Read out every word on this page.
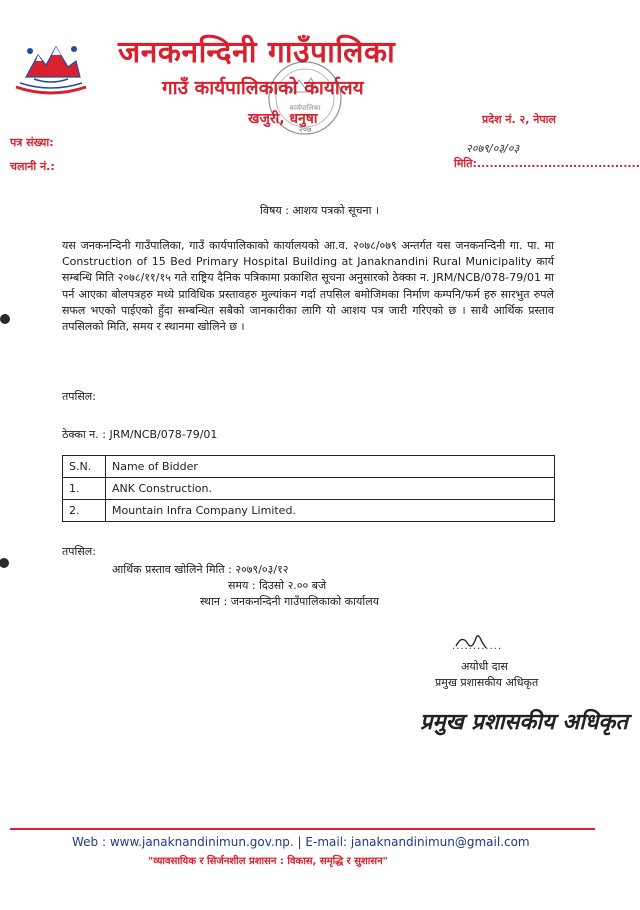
जनकनन्दिनी गाउँपालिका
गाउँ कार्यपालिकाको कार्यालय
खजुरी, धनुषा
कार्यपालिका
२०७
प्रदेश नं. २, नेपाल
पत्र संख्या:
चलानी नं.:
२०७९/०३/०३
मिति:.......................................
विषय : आशय पत्रको सूचना ।
यस जनकनन्दिनी गाउँपालिका, गाउँ कार्यपालिकाको कार्यालयको आ.व. २०७८/०७९ अन्तर्गत यस जनकनन्दिनी गा. पा. मा Construction of 15 Bed Primary Hospital Building at Janaknandini Rural Municipality कार्य सम्बन्धि मिति २०७८/११/१५ गते राष्ट्रिय दैनिक पत्रिकामा प्रकाशित सूचना अनुसारको ठेक्का न. JRM/NCB/078-79/01 मा पर्न आएका बोलपत्रहरु मध्ये प्राविधिक प्रस्तावहरु मुल्यांकन गर्दा तपसिल बमोजिमका निर्माण कम्पनि/फर्म हरु सारभुत रुपले सफल भएको पाईएको हुँदा सम्बन्धित सबैको जानकारीका लागि यो आशय पत्र जारी गरिएको छ । साथै आर्थिक प्रस्ताव तपसिलको मिति, समय र स्थानमा खोलिने छ ।
तपसिल:
ठेक्का न. : JRM/NCB/078-79/01
S.N.	Name of Bidder
1.	ANK Construction.
2.	Mountain Infra Company Limited.
तपसिल:
आर्थिक प्रस्ताव खोलिने मिति : २०७९/०३/१२
समय : दिउसो २.०० बजे
स्थान : जनकनन्दिनी गाउँपालिकाको कार्यालय
............
अयोधी दास
प्रमुख प्रशासकीय अधिकृत
प्रमुख प्रशासकीय अधिकृत
Web : www.janaknandinimun.gov.np. | E-mail: janaknandinimun@gmail.com
"व्यावसायिक र सिर्जनशील प्रशासन : विकास, समृद्धि र सुशासन"
